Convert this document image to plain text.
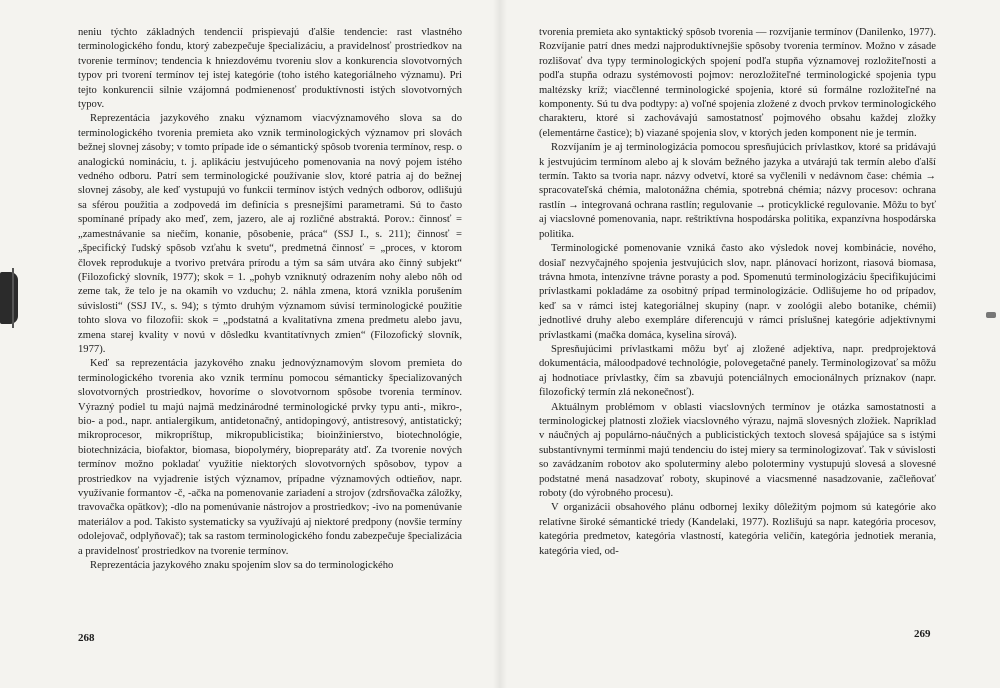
neniu týchto základných tendencií prispievajú ďalšie tendencie: rast vlastného terminologického fondu, ktorý zabezpečuje špecializáciu, a pravidelnosť prostriedkov na tvorenie termínov; tendencia k hniezdovému tvoreniu slov a konkurencia slovotvorných typov pri tvorení termínov tej istej kategórie (toho istého kategoriálneho významu). Pri tejto konkurencii silnie vzájomná podmienenosť produktívnosti istých slovotvorných typov.

Reprezentácia jazykového znaku významom viacvýznamového slova sa do terminologického tvorenia premieta ako vznik terminologických významov pri slovách bežnej slovnej zásoby; v tomto prípade ide o sémantický spôsob tvorenia termínov, resp. o analogickú nomináciu, t. j. aplikáciu jestvujúceho pomenovania na nový pojem istého vedného odboru. Patrí sem terminologické používanie slov, ktoré patria aj do bežnej slovnej zásoby, ale keď vystupujú vo funkcii termínov istých vedných odborov, odlišujú sa sférou použitia a zodpovedá im definícia s presnejšími parametrami. Sú to často spomínané prípady ako meď, zem, jazero, ale aj rozličné abstraktá. Porov.: činnosť = „zamestnávanie sa niečím, konanie, pôsobenie, práca“ (SSJ I., s. 211); činnosť = „špecifický ľudský spôsob vzťahu k svetu“, predmetná činnosť = „proces, v ktorom človek reprodukuje a tvorivo pretvára prírodu a tým sa sám utvára ako činný subjekt“ (Filozofický slovník, 1977); skok = 1. „pohyb vzniknutý odrazením nohy alebo nôh od zeme tak, že telo je na okamih vo vzduchu; 2. náhla zmena, ktorá vznikla porušením súvislosti“ (SSJ IV., s. 94); s týmto druhým významom súvisí terminologické použitie tohto slova vo filozofii: skok = „podstatná a kvalitatívna zmena predmetu alebo javu, zmena starej kvality v novú v dôsledku kvantitatívnych zmien“ (Filozofický slovník, 1977).

Keď sa reprezentácia jazykového znaku jednovýznamovým slovom premieta do terminologického tvorenia ako vznik termínu pomocou sémanticky špecializovaných slovotvorných prostriedkov, hovoríme o slovotvornom spôsobe tvorenia termínov. Výrazný podiel tu majú najmä medzinárodné terminologické prvky typu anti-, mikro-, bio- a pod., napr. antialergikum, antidetonačný, antidopingový, antistresový, antistatický; mikroprocesor, mikropríštup, mikropublicistika; bioinžinierstvo, biotechnológie, biotechnizácia, biofaktor, biomasa, biopolyméry, biopreparáty atď. Za tvorenie nových termínov možno pokladať využitie niektorých slovotvorných spôsobov, typov a prostriedkov na vyjadrenie istých významov, prípadne významových odtieňov, napr. využívanie formantov -č, -ačka na pomenovanie zariadení a strojov (zdrsňovačka záložky, travovačka opätkov); -dlo na pomenúvanie nástrojov a prostriedkov; -ivo na pomenúvanie materiálov a pod. Takisto systematicky sa využívajú aj niektoré predpony (novšie termíny odolejovač, odplyňovač); tak sa rastom terminologického fondu zabezpečuje špecializácia a pravidelnosť prostriedkov na tvorenie termínov.

Reprezentácia jazykového znaku spojením slov sa do terminologického

268

tvorenia premieta ako syntaktický spôsob tvorenia — rozvíjanie termínov (Danilenko, 1977). Rozvíjanie patrí dnes medzi najproduktívnejšie spôsoby tvorenia termínov. Možno v zásade rozlišovať dva typy terminologických spojení podľa stupňa významovej rozložiteľnosti a podľa stupňa odrazu systémovosti pojmov: nerozložiteľné terminologické spojenia typu maltézsky kríž; viacčlenné terminologické spojenia, ktoré sú formálne rozložiteľné na komponenty. Sú tu dva podtypy: a) voľné spojenia zložené z dvoch prvkov terminologického charakteru, ktoré si zachovávajú samostatnosť pojmového obsahu každej zložky (elementárne častice); b) viazané spojenia slov, v ktorých jeden komponent nie je termín.

Rozvíjaním je aj terminologizácia pomocou spresňujúcich prívlastkov, ktoré sa pridávajú k jestvujúcim termínom alebo aj k slovám bežného jazyka a utvárajú tak termín alebo ďalší termín. Takto sa tvoria napr. názvy odvetví, ktoré sa vyčlenili v nedávnom čase: chémia → spracovateľská chémia, malotonážna chémia, spotrebná chémia; názvy procesov: ochrana rastlín → integrovaná ochrana rastlín; regulovanie → proticyklické regulovanie. Môžu to byť aj viacslovné pomenovania, napr. reštriktívna hospodárska politika, expanzívna hospodárska politika.

Terminologické pomenovanie vzniká často ako výsledok novej kombinácie, nového, dosiaľ nezvyčajného spojenia jestvujúcich slov, napr. plánovací horizont, riasová biomasa, trávna hmota, intenzívne trávne porasty a pod. Spomenutú terminologizáciu špecifikujúcimi prívlastkami pokladáme za osobitný prípad terminologizácie. Odlišujeme ho od prípadov, keď sa v rámci istej kategoriálnej skupiny (napr. v zoológii alebo botanike, chémii) jednotlivé druhy alebo exempláre diferencujú v rámci príslušnej kategórie adjektívnymi prívlastkami (mačka domáca, kyselina sírová).

Spresňujúcimi prívlastkami môžu byť aj zložené adjektíva, napr. predprojektová dokumentácia, máloodpadové technológie, polovegetačné panely. Terminologizovať sa môžu aj hodnotiace prívlastky, čím sa zbavujú potenciálnych emocionálnych príznakov (napr. filozofický termín zlá nekonečnosť).

Aktuálnym problémom v oblasti viacslovných termínov je otázka samostatnosti a terminologickej platnosti zložiek viacslovného výrazu, najmä slovesných zložiek. Napríklad v náučných aj populárno-náučných a publicistických textoch slovesá spájajúce sa s istými substantívnymi termínmi majú tendenciu do istej miery sa terminologizovať. Tak v súvislosti so zavádzaním robotov ako spoluterminy alebo poloterminy vystupujú slovesá a slovesné podstatné mená nasadzovať roboty, skupinové a viacsmenné nasadzovanie, začleňovať roboty (do výrobného procesu).

V organizácii obsahového plánu odbornej lexiky dôležitým pojmom sú kategórie ako relatívne široké sémantické triedy (Kandelaki, 1977). Rozlišujú sa napr. kategória procesov, kategória predmetov, kategória vlastností, kategória veličín, kategória jednotiek merania, kategória vied, od-

269
